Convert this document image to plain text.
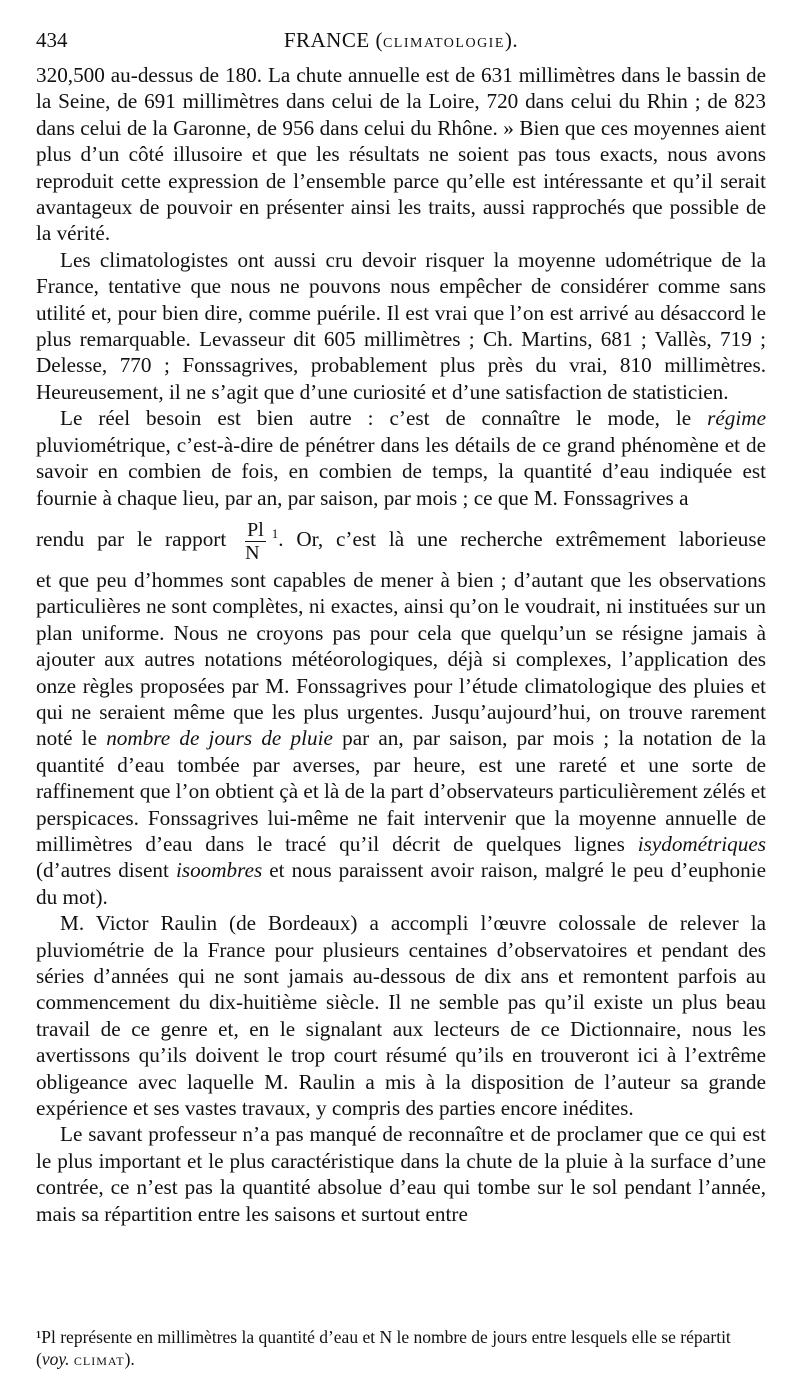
434	FRANCE (CLIMATOLOGIE).

320,500 au-dessus de 180. La chute annuelle est de 631 millimètres dans le bassin de la Seine, de 691 millimètres dans celui de la Loire, 720 dans celui du Rhin ; de 823 dans celui de la Garonne, de 956 dans celui du Rhône. » Bien que ces moyennes aient plus d’un côté illusoire et que les résultats ne soient pas tous exacts, nous avons reproduit cette expression de l’ensemble parce qu’elle est intéressante et qu’il serait avantageux de pouvoir en présenter ainsi les traits, aussi rapprochés que possible de la vérité.

Les climatologistes ont aussi cru devoir risquer la moyenne udométrique de la France, tentative que nous ne pouvons nous empêcher de considérer comme sans utilité et, pour bien dire, comme puérile. Il est vrai que l’on est arrivé au désaccord le plus remarquable. Levasseur dit 605 millimètres ; Ch. Martins, 681 ; Vallès, 719 ; Delesse, 770 ; Fonssagrives, probablement plus près du vrai, 810 millimètres. Heureusement, il ne s’agit que d’une curiosité et d’une satisfaction de statisticien.

Le réel besoin est bien autre : c’est de connaître le mode, le régime pluviométrique, c’est-à-dire de pénétrer dans les détails de ce grand phénomène et de savoir en combien de fois, en combien de temps, la quantité d’eau indiquée est fournie à chaque lieu, par an, par saison, par mois ; ce que M. Fonssagrives a

rendu par le rapport $\frac{Pl}{N} ^1$. Or, c’est là une recherche extrêmement laborieuse

et que peu d’hommes sont capables de mener à bien ; d’autant que les observations particulières ne sont complètes, ni exactes, ainsi qu’on le voudrait, ni instituées sur un plan uniforme. Nous ne croyons pas pour cela que quelqu’un se résigne jamais à ajouter aux autres notations météorologiques, déjà si complexes, l’application des onze règles proposées par M. Fonssagrives pour l’étude climatologique des pluies et qui ne seraient même que les plus urgentes. Jusqu’aujourd’hui, on trouve rarement noté le nombre de jours de pluie par an, par saison, par mois ; la notation de la quantité d’eau tombée par averses, par heure, est une rareté et une sorte de raffinement que l’on obtient çà et là de la part d’observateurs particulièrement zélés et perspicaces. Fonssagrives lui-même ne fait intervenir que la moyenne annuelle de millimètres d’eau dans le tracé qu’il décrit de quelques lignes isydométriques (d’autres disent isoombres et nous paraissent avoir raison, malgré le peu d’euphonie du mot).

M. Victor Raulin (de Bordeaux) a accompli l’œuvre colossale de relever la pluviométrie de la France pour plusieurs centaines d’observatoires et pendant des séries d’années qui ne sont jamais au-dessous de dix ans et remontent parfois au commencement du dix-huitième siècle. Il ne semble pas qu’il existe un plus beau travail de ce genre et, en le signalant aux lecteurs de ce Dictionnaire, nous les avertissons qu’ils doivent le trop court résumé qu’ils en trouveront ici à l’extrême obligeance avec laquelle M. Raulin a mis à la disposition de l’auteur sa grande expérience et ses vastes travaux, y compris des parties encore inédites.

Le savant professeur n’a pas manqué de reconnaître et de proclamer que ce qui est le plus important et le plus caractéristique dans la chute de la pluie à la surface d’une contrée, ce n’est pas la quantité absolue d’eau qui tombe sur le sol pendant l’année, mais sa répartition entre les saisons et surtout entre

¹Pl représente en millimètres la quantité d’eau et N le nombre de jours entre lesquels elle se répartit (voy. CLIMAT).
